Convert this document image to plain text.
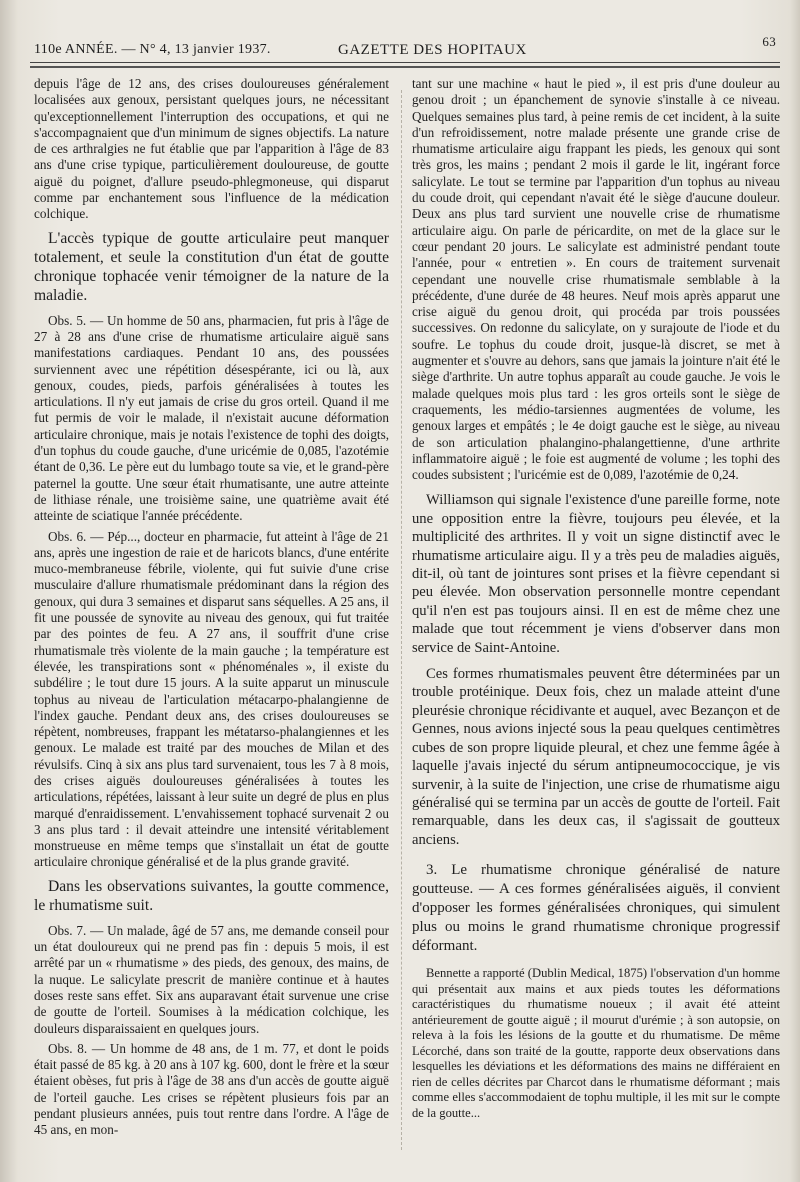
110e ANNÉE. — N° 4, 13 janvier 1937.	GAZETTE DES HOPITAUX
63

depuis l'âge de 12 ans, des crises douloureuses généralement localisées aux genoux, persistant quelques jours, ne nécessitant qu'exceptionnellement l'interruption des occupations, et qui ne s'accompagnaient que d'un minimum de signes objectifs. La nature de ces arthralgies ne fut établie que par l'apparition à l'âge de 83 ans d'une crise typique, particulièrement douloureuse, de goutte aiguë du poignet, d'allure pseudo-phlegmoneuse, qui disparut comme par enchantement sous l'influence de la médication colchique.

L'accès typique de goutte articulaire peut manquer totalement, et seule la constitution d'un état de goutte chronique tophacée venir témoigner de la nature de la maladie.

Obs. 5. — Un homme de 50 ans, pharmacien, fut pris à l'âge de 27 à 28 ans d'une crise de rhumatisme articulaire aiguë sans manifestations cardiaques. Pendant 10 ans, des poussées surviennent avec une répétition désespérante, ici ou là, aux genoux, coudes, pieds, parfois généralisées à toutes les articulations. Il n'y eut jamais de crise du gros orteil. Quand il me fut permis de voir le malade, il n'existait aucune déformation articulaire chronique, mais je notais l'existence de tophi des doigts, d'un tophus du coude gauche, d'une uricémie de 0,085, l'azotémie étant de 0,36. Le père eut du lumbago toute sa vie, et le grand-père paternel la goutte. Une sœur était rhumatisante, une autre atteinte de lithiase rénale, une troisième saine, une quatrième avait été atteinte de sciatique l'année précédente.

Obs. 6. — Pép..., docteur en pharmacie, fut atteint à l'âge de 21 ans, après une ingestion de raie et de haricots blancs, d'une entérite muco-membraneuse fébrile, violente, qui fut suivie d'une crise musculaire d'allure rhumatismale prédominant dans la région des genoux, qui dura 3 semaines et disparut sans séquelles. A 25 ans, il fit une poussée de synovite au niveau des genoux, qui fut traitée par des pointes de feu. A 27 ans, il souffrit d'une crise rhumatismale très violente de la main gauche ; la température est élevée, les transpirations sont « phénoménales », il existe du subdélire ; le tout dure 15 jours. A la suite apparut un minuscule tophus au niveau de l'articulation métacarpo-phalangienne de l'index gauche. Pendant deux ans, des crises douloureuses se répètent, nombreuses, frappant les métatarso-phalangiennes et les genoux. Le malade est traité par des mouches de Milan et des révulsifs. Cinq à six ans plus tard survenaient, tous les 7 à 8 mois, des crises aiguës douloureuses généralisées à toutes les articulations, répétées, laissant à leur suite un degré de plus en plus marqué d'enraidissement. L'envahissement tophacé survenait 2 ou 3 ans plus tard : il devait atteindre une intensité véritablement monstrueuse en même temps que s'installait un état de goutte articulaire chronique généralisé et de la plus grande gravité.

Dans les observations suivantes, la goutte commence, le rhumatisme suit.

Obs. 7. — Un malade, âgé de 57 ans, me demande conseil pour un état douloureux qui ne prend pas fin : depuis 5 mois, il est arrêté par un « rhumatisme » des pieds, des genoux, des mains, de la nuque. Le salicylate prescrit de manière continue et à hautes doses reste sans effet. Six ans auparavant était survenue une crise de goutte de l'orteil. Soumises à la médication colchique, les douleurs disparaissaient en quelques jours.

Obs. 8. — Un homme de 48 ans, de 1 m. 77, et dont le poids était passé de 85 kg. à 20 ans à 107 kg. 600, dont le frère et la sœur étaient obèses, fut pris à l'âge de 38 ans d'un accès de goutte aiguë de l'orteil gauche. Les crises se répètent plusieurs fois par an pendant plusieurs années, puis tout rentre dans l'ordre. A l'âge de 45 ans, en mon-

tant sur une machine « haut le pied », il est pris d'une douleur au genou droit ; un épanchement de synovie s'installe à ce niveau. Quelques semaines plus tard, à peine remis de cet incident, à la suite d'un refroidissement, notre malade présente une grande crise de rhumatisme articulaire aigu frappant les pieds, les genoux qui sont très gros, les mains ; pendant 2 mois il garde le lit, ingérant force salicylate. Le tout se termine par l'apparition d'un tophus au niveau du coude droit, qui cependant n'avait été le siège d'aucune douleur. Deux ans plus tard survient une nouvelle crise de rhumatisme articulaire aigu. On parle de péricardite, on met de la glace sur le cœur pendant 20 jours. Le salicylate est administré pendant toute l'année, pour « entretien ». En cours de traitement survenait cependant une nouvelle crise rhumatismale semblable à la précédente, d'une durée de 48 heures. Neuf mois après apparut une crise aiguë du genou droit, qui procéda par trois poussées successives. On redonne du salicylate, on y surajoute de l'iode et du soufre. Le tophus du coude droit, jusque-là discret, se met à augmenter et s'ouvre au dehors, sans que jamais la jointure n'ait été le siège d'arthrite. Un autre tophus apparaît au coude gauche. Je vois le malade quelques mois plus tard : les gros orteils sont le siège de craquements, les médio-tarsiennes augmentées de volume, les genoux larges et empâtés ; le 4e doigt gauche est le siège, au niveau de son articulation phalangino-phalangettienne, d'une arthrite inflammatoire aiguë ; le foie est augmenté de volume ; les tophi des coudes subsistent ; l'uricémie est de 0,089, l'azotémie de 0,24.

Williamson qui signale l'existence d'une pareille forme, note une opposition entre la fièvre, toujours peu élevée, et la multiplicité des arthrites. Il y voit un signe distinctif avec le rhumatisme articulaire aigu. Il y a très peu de maladies aiguës, dit-il, où tant de jointures sont prises et la fièvre cependant si peu élevée. Mon observation personnelle montre cependant qu'il n'en est pas toujours ainsi. Il en est de même chez une malade que tout récemment je viens d'observer dans mon service de Saint-Antoine.

Ces formes rhumatismales peuvent être déterminées par un trouble protéinique. Deux fois, chez un malade atteint d'une pleurésie chronique récidivante et auquel, avec Bezançon et de Gennes, nous avions injecté sous la peau quelques centimètres cubes de son propre liquide pleural, et chez une femme âgée à laquelle j'avais injecté du sérum antipneumococcique, je vis survenir, à la suite de l'injection, une crise de rhumatisme aigu généralisé qui se termina par un accès de goutte de l'orteil. Fait remarquable, dans les deux cas, il s'agissait de goutteux anciens.

3. Le rhumatisme chronique généralisé de nature goutteuse. — A ces formes généralisées aiguës, il convient d'opposer les formes généralisées chroniques, qui simulent plus ou moins le grand rhumatisme chronique progressif déformant.

Bennette a rapporté (Dublin Medical, 1875) l'observation d'un homme qui présentait aux mains et aux pieds toutes les déformations caractéristiques du rhumatisme noueux ; il avait été atteint antérieurement de goutte aiguë ; il mourut d'urémie ; à son autopsie, on releva à la fois les lésions de la goutte et du rhumatisme. De même Lécorché, dans son traité de la goutte, rapporte deux observations dans lesquelles les déviations et les déformations des mains ne différaient en rien de celles décrites par Charcot dans le rhumatisme déformant ; mais comme elles s'accommodaient de tophu multiple, il les mit sur le compte de la goutte...
